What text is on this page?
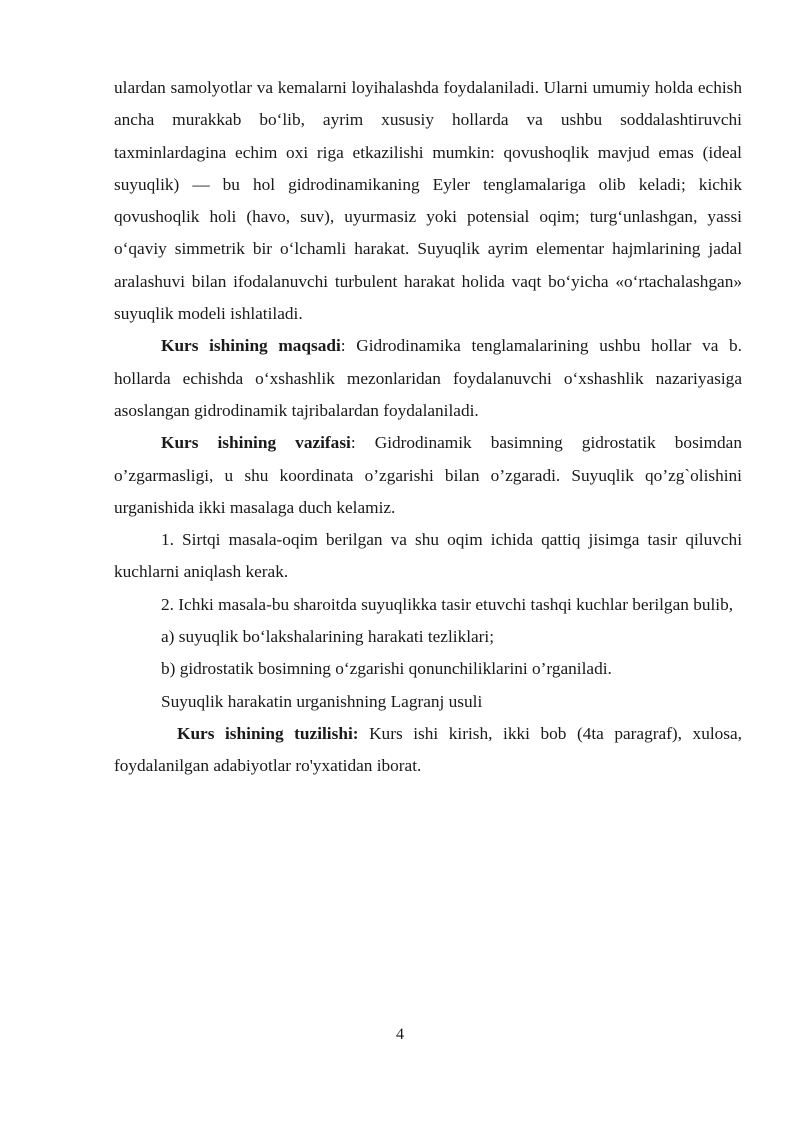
ulardan samolyotlar va kemalarni loyihalashda foydalaniladi. Ularni umumiy holda echish ancha murakkab bo‘lib, ayrim xususiy hollarda va ushbu soddalashtiruvchi taxminlardagina echim oxi riga etkazilishi mumkin: qovushoqlik mavjud emas (ideal suyuqlik) — bu hol gidrodinamikaning Eyler tenglamalariga olib keladi; kichik qovushoqlik holi (havo, suv), uyurmasiz yoki potensial oqim; turg‘unlashgan, yassi o‘qaviy simmetrik bir o‘lchamli harakat. Suyuqlik ayrim elementar hajmlarining jadal aralashuvi bilan ifodalanuvchi turbulent harakat holida vaqt bo‘yicha «o‘rtachalashgan» suyuqlik modeli ishlatiladi.

Kurs ishining maqsadi: Gidrodinamika tenglamalarining ushbu hollar va b. hollarda echishda o‘xshashlik mezonlaridan foydalanuvchi o‘xshashlik nazariyasiga asoslangan gidrodinamik tajribalardan foydalaniladi.

Kurs ishining vazifasi: Gidrodinamik basimning gidrostatik bosimdan o’zgarmasligi, u shu koordinata o’zgarishi bilan o’zgaradi. Suyuqlik qo’zg`olishini urganishida ikki masalaga duch kelamiz.

1. Sirtqi masala-oqim berilgan va shu oqim ichida qattiq jisimga tasir qiluvchi kuchlarni aniqlash kerak.

2. Ichki masala-bu sharoitda suyuqlikka tasir etuvchi tashqi kuchlar berilgan bulib,

a) suyuqlik bo‘lakshalarining harakati tezliklari;

b) gidrostatik bosimning o‘zgarishi qonunchiliklarini o’rganiladi.

Suyuqlik harakatin urganishning Lagranj usuli

Kurs ishining tuzilishi: Kurs ishi kirish, ikki bob (4ta paragraf), xulosa, foydalanilgan adabiyotlar ro'yxatidan iborat.

4
